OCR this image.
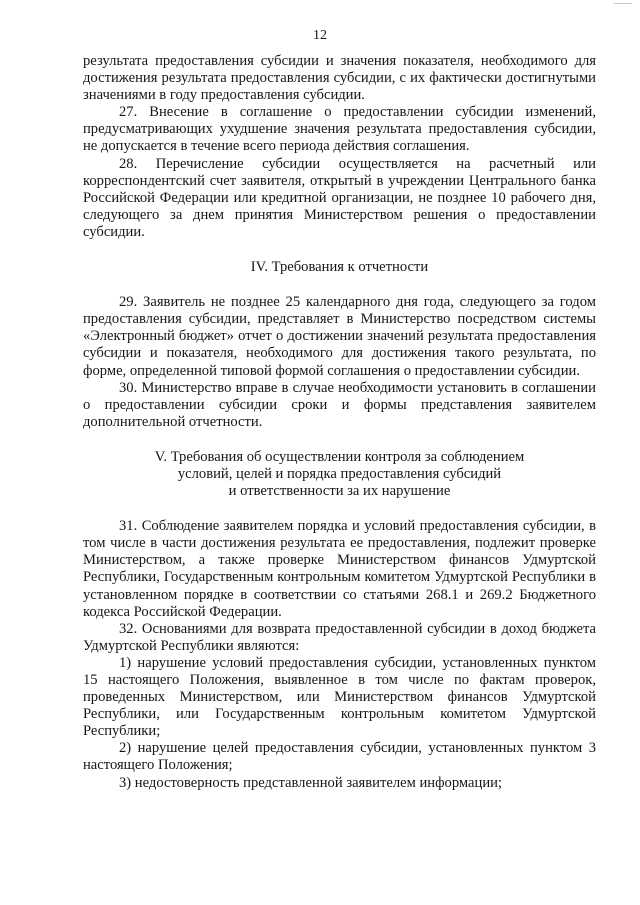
—————
12

результата предоставления субсидии и значения показателя, необходимого для достижения результата предоставления субсидии, с их фактически достигнутыми значениями в году предоставления субсидии.

27. Внесение в соглашение о предоставлении субсидии изменений, предусматривающих ухудшение значения результата предоставления субсидии, не допускается в течение всего периода действия соглашения.

28. Перечисление субсидии осуществляется на расчетный или корреспондентский счет заявителя, открытый в учреждении Центрального банка Российской Федерации или кредитной организации, не позднее 10 рабочего дня, следующего за днем принятия Министерством решения о предоставлении субсидии.

IV. Требования к отчетности

29. Заявитель не позднее 25 календарного дня года, следующего за годом предоставления субсидии, представляет в Министерство посредством системы «Электронный бюджет» отчет о достижении значений результата предоставления субсидии и показателя, необходимого для достижения такого результата, по форме, определенной типовой формой соглашения о предоставлении субсидии.

30. Министерство вправе в случае необходимости установить в соглашении о предоставлении субсидии сроки и формы представления заявителем дополнительной отчетности.

V. Требования об осуществлении контроля за соблюдением

условий, целей и порядка предоставления субсидий

и ответственности за их нарушение

31. Соблюдение заявителем порядка и условий предоставления субсидии, в том числе в части достижения результата ее предоставления, подлежит проверке Министерством, а также проверке Министерством финансов Удмуртской Республики, Государственным контрольным комитетом Удмуртской Республики в установленном порядке в соответствии со статьями 268.1 и 269.2 Бюджетного кодекса Российской Федерации.

32. Основаниями для возврата предоставленной субсидии в доход бюджета Удмуртской Республики являются:

1) нарушение условий предоставления субсидии, установленных пунктом 15 настоящего Положения, выявленное в том числе по фактам проверок, проведенных Министерством, или Министерством финансов Удмуртской Республики, или Государственным контрольным комитетом Удмуртской Республики;

2) нарушение целей предоставления субсидии, установленных пунктом 3 настоящего Положения;

3) недостоверность представленной заявителем информации;
